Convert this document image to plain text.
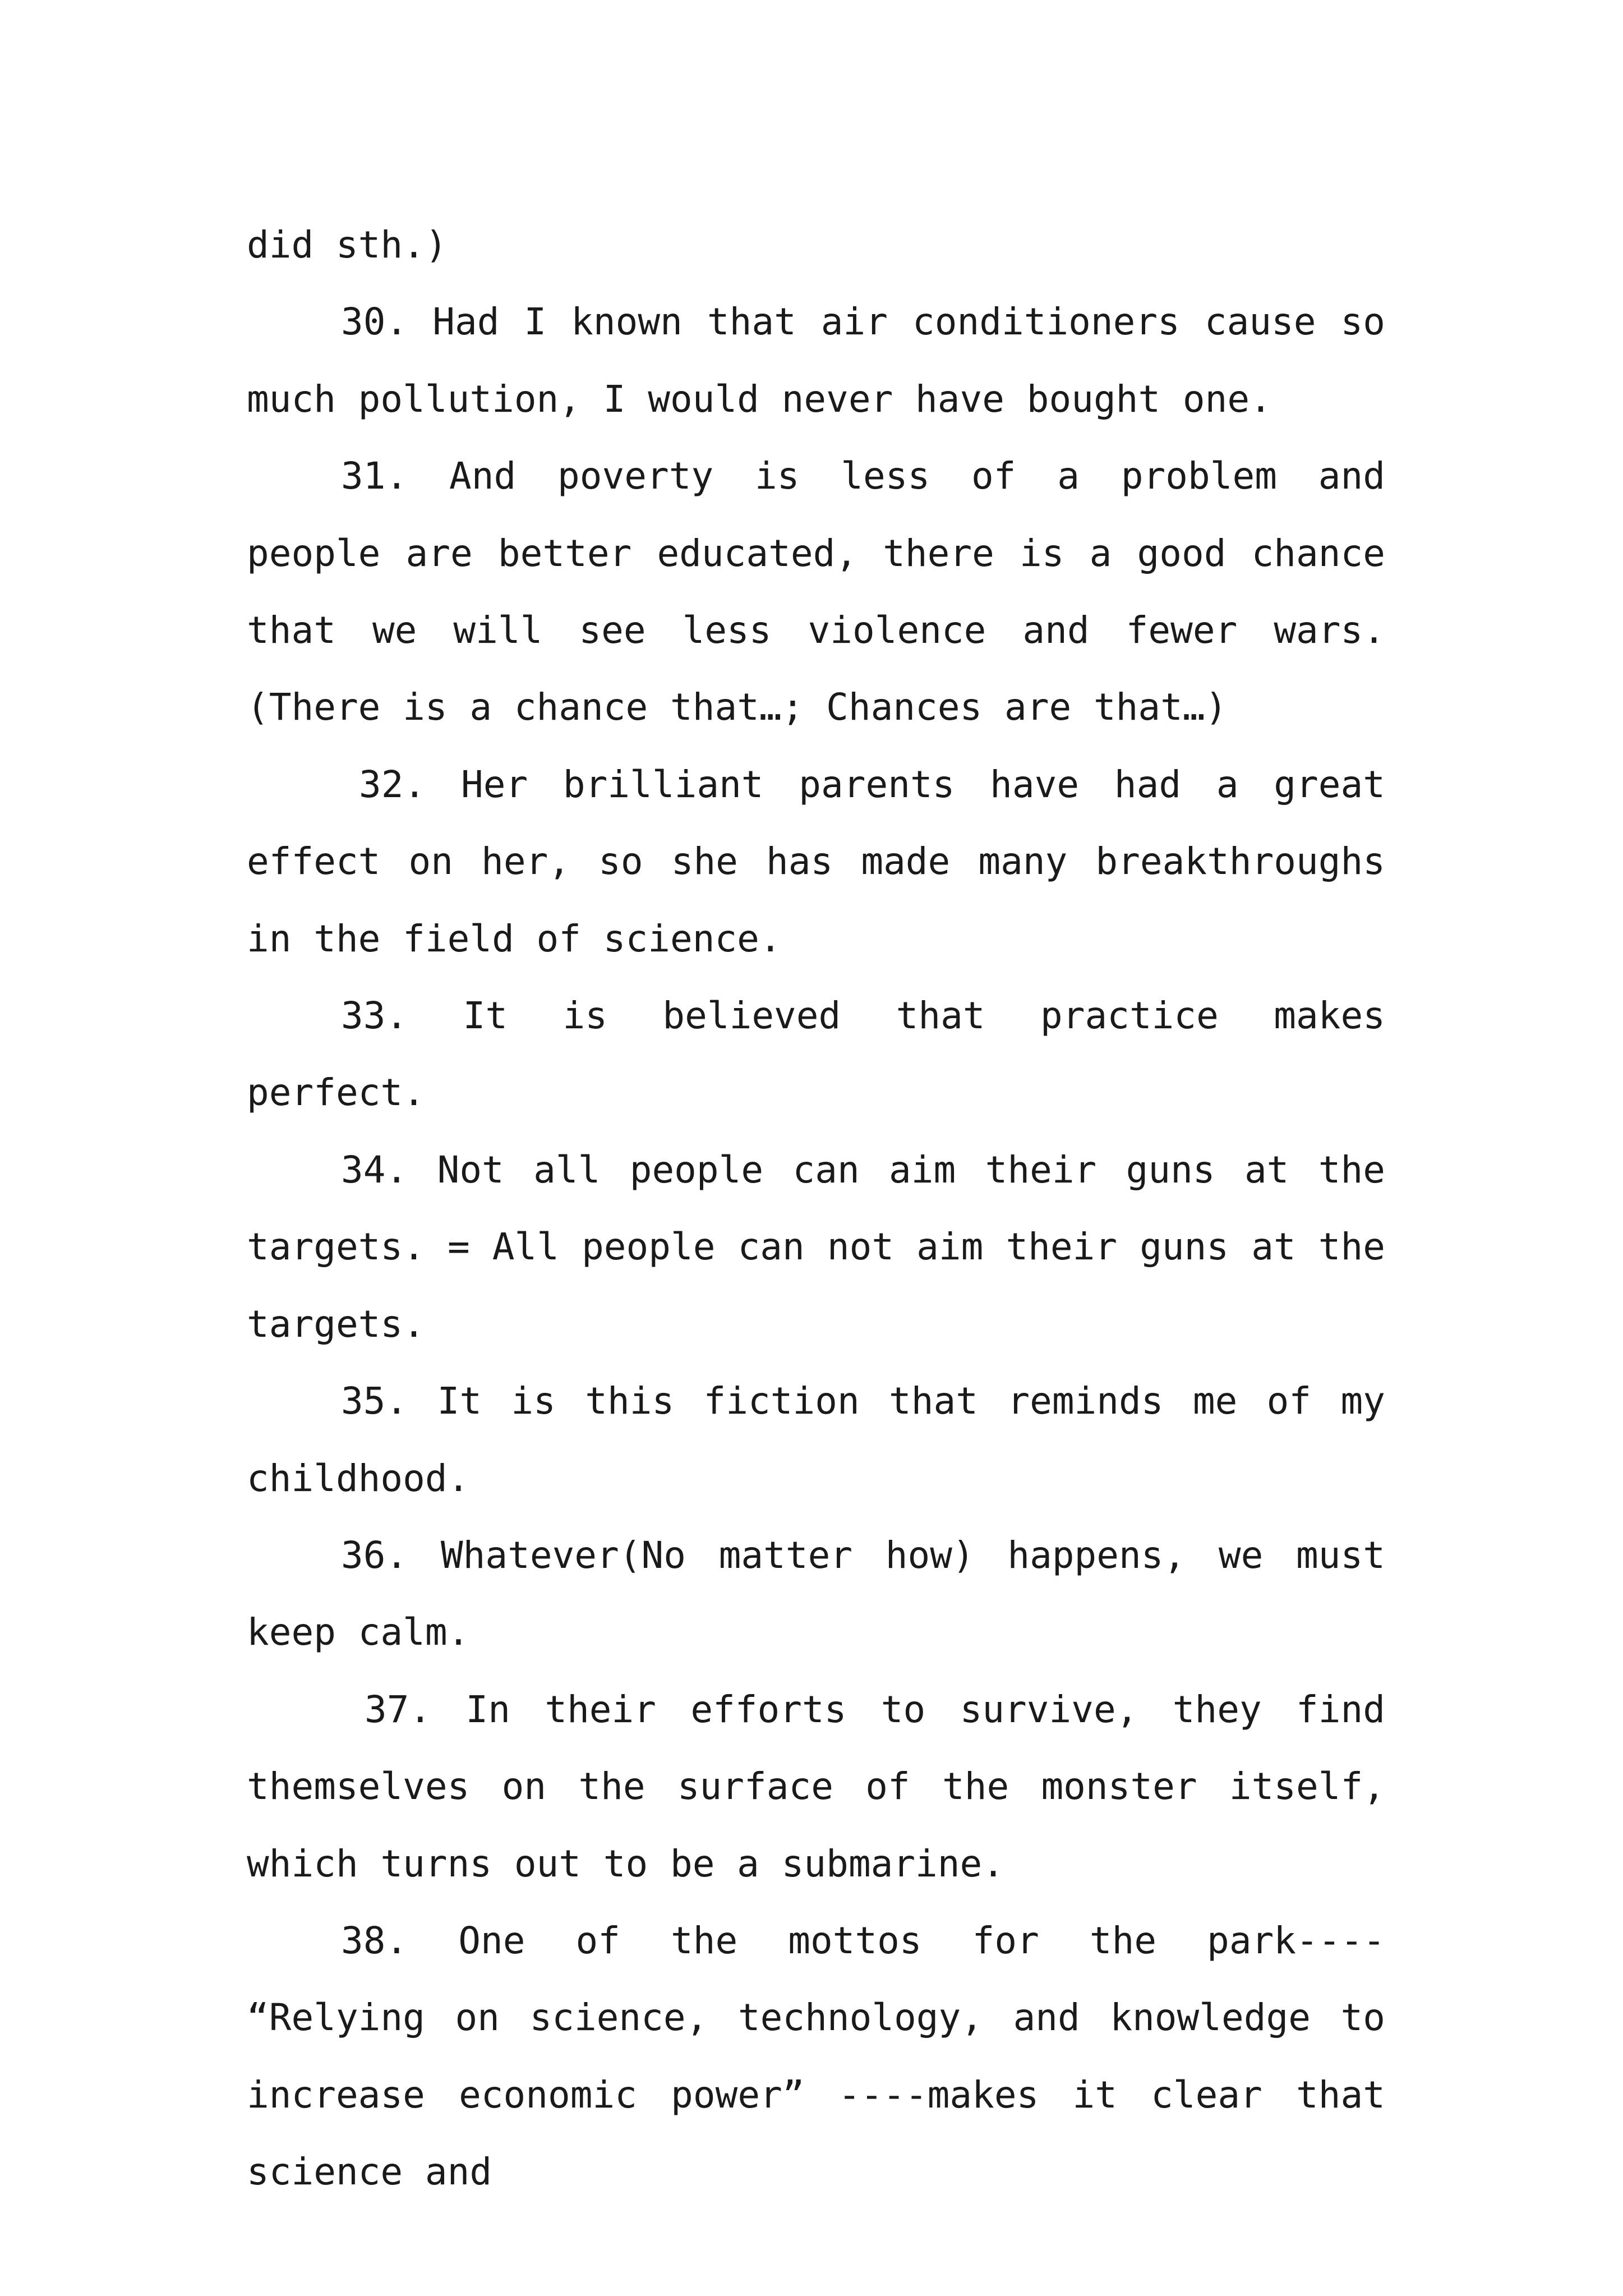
did sth.)

30. Had I known that air conditioners cause so much pollution, I would never have bought one.

31. And poverty is less of a problem and people are better educated, there is a good chance that we will see less violence and fewer wars. (There is a chance that…; Chances are that…)

32. Her brilliant parents have had a great effect on her, so she has made many breakthroughs in the field of science.

33. It is believed that practice makes perfect.

34. Not all people can aim their guns at the targets. = All people can not aim their guns at the targets.

35. It is this fiction that reminds me of my childhood.

36. Whatever(No matter how) happens, we must keep calm.

37. In their efforts to survive, they find themselves on the surface of the monster itself, which turns out to be a submarine.

38. One of the mottos for the park---- “Relying on science, technology, and knowledge to increase economic power” ----makes it clear that science and
